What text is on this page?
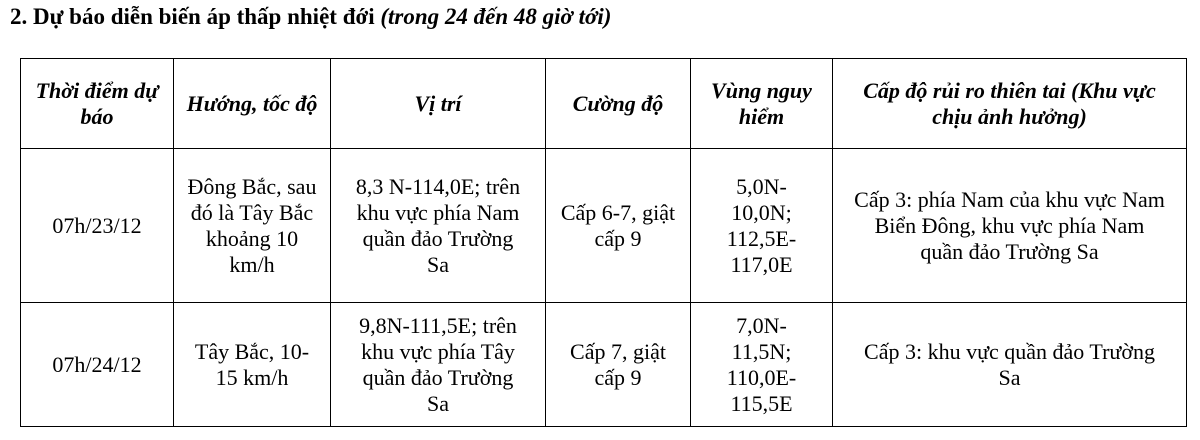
2. Dự báo diễn biến áp thấp nhiệt đới (trong 24 đến 48 giờ tới)
Thời điểm dự báo	Hướng, tốc độ	Vị trí	Cường độ	Vùng nguy hiểm	Cấp độ rủi ro thiên tai (Khu vực chịu ảnh hưởng)

07h/23/12	Đông Bắc, sau đó là Tây Bắc khoảng 10 km/h	8,3 N-114,0E; trên khu vực phía Nam quần đảo Trường Sa	Cấp 6-7, giật cấp 9	5,0N-10,0N; 112,5E-117,0E	Cấp 3: phía Nam của khu vực Nam Biển Đông, khu vực phía Nam quần đảo Trường Sa

07h/24/12	Tây Bắc, 10-15 km/h	9,8N-111,5E; trên khu vực phía Tây quần đảo Trường Sa	Cấp 7, giật cấp 9	7,0N-11,5N; 110,0E-115,5E	Cấp 3: khu vực quần đảo Trường Sa
